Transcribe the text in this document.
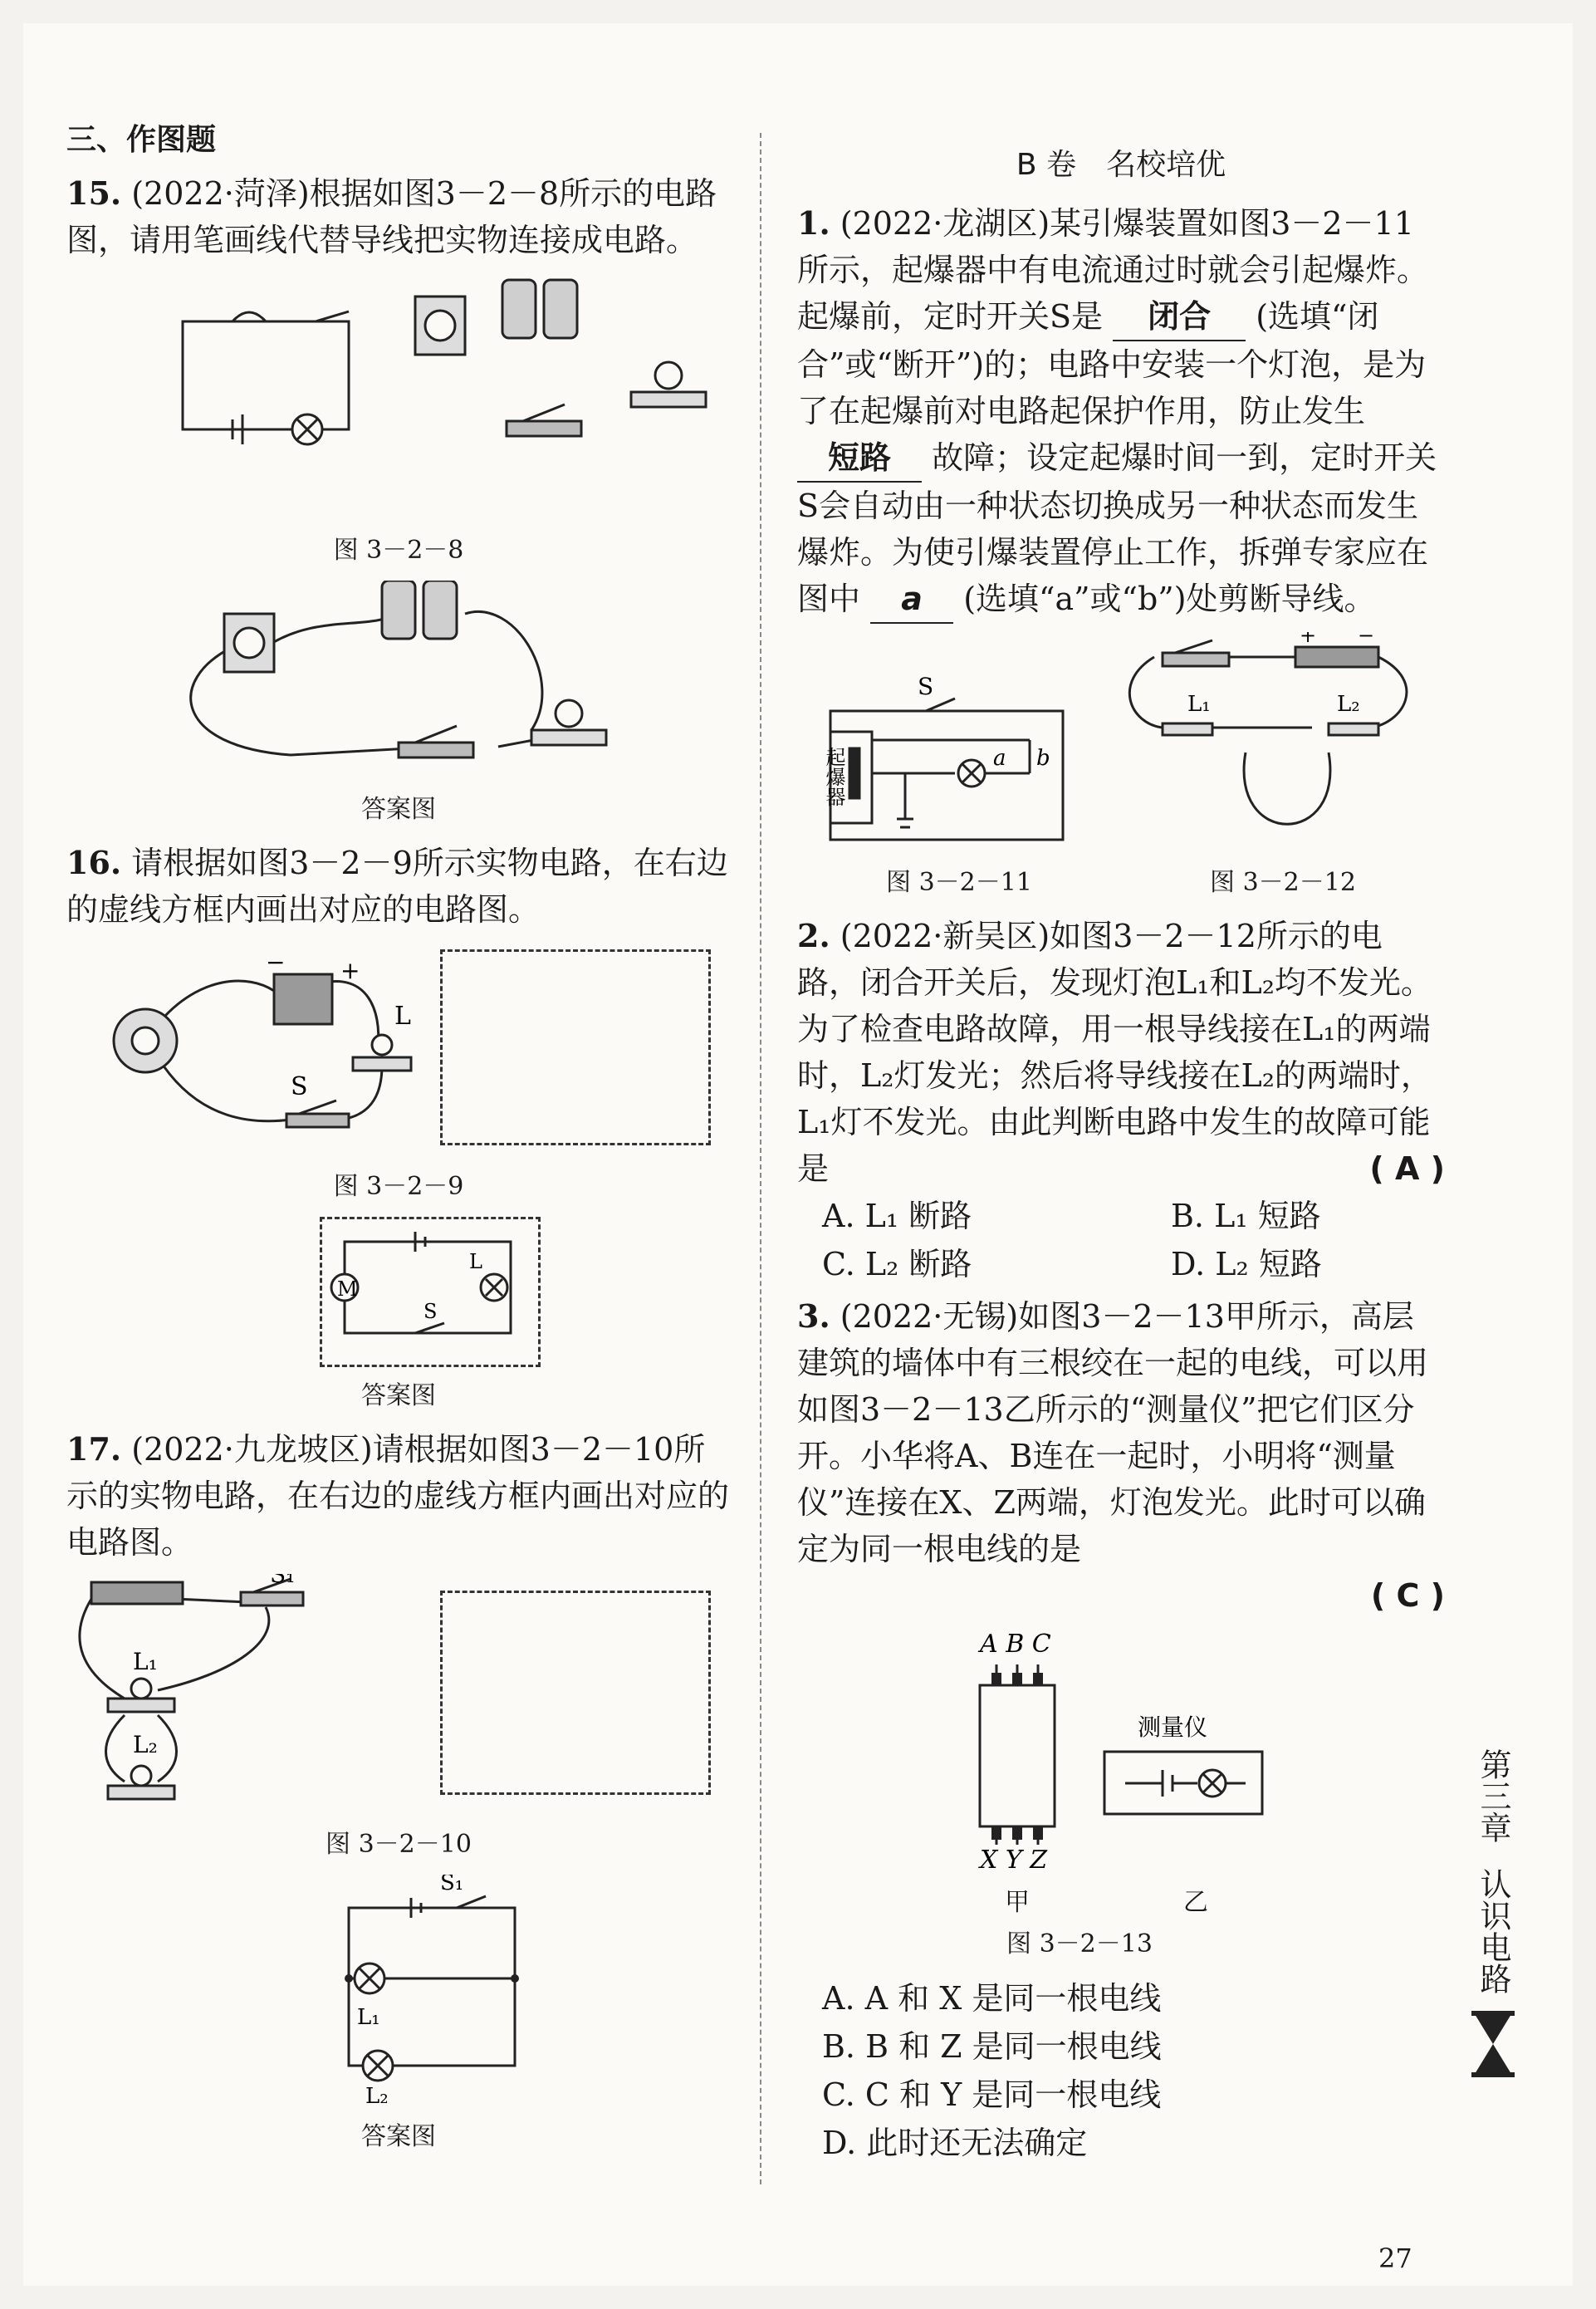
三、作图题

15. (2022·菏泽)根据如图3－2－8所示的电路图，请用笔画线代替导线把实物连接成电路。

图 3－2－8
答案图

16. 请根据如图3－2－9所示实物电路，在右边的虚线方框内画出对应的电路图。

− +
L
S
图 3－2－9
M
L
S
答案图

17. (2022·九龙坡区)请根据如图3－2－10所示的实物电路，在右边的虚线方框内画出对应的电路图。

S₁
L₁
L₂
图 3－2－10
S₁
L₁
L₂
答案图
B 卷　名校培优

1. (2022·龙湖区)某引爆装置如图3－2－11所示，起爆器中有电流通过时就会引起爆炸。起爆前，定时开关S是 闭合 (选填“闭合”或“断开”)的；电路中安装一个灯泡，是为了在起爆前对电路起保护作用，防止发生 短路 故障；设定起爆时间一到，定时开关S会自动由一种状态切换成另一种状态而发生爆炸。为使引爆装置停止工作，拆弹专家应在图中 a (选填“a”或“b”)处剪断导线。

S
a b
起爆器
+ −
L₁	L₂
图 3－2－11	图 3－2－12

2. (2022·新吴区)如图3－2－12所示的电路，闭合开关后，发现灯泡L₁和L₂均不发光。为了检查电路故障，用一根导线接在L₁的两端时，L₂灯发光；然后将导线接在L₂的两端时，L₁灯不发光。由此判断电路中发生的故障可能是	( A )

A. L₁ 断路	B. L₁ 短路
C. L₂ 断路	D. L₂ 短路

3. (2022·无锡)如图3－2－13甲所示，高层建筑的墙体中有三根绞在一起的电线，可以用如图3－2－13乙所示的“测量仪”把它们区分开。小华将A、B连在一起时，小明将“测量仪”连接在X、Z两端，灯泡发光。此时可以确定为同一根电线的是

( C )
A B C
X Y Z
测量仪
甲	乙
图 3－2－13
A. A 和 X 是同一根电线
B. B 和 Z 是同一根电线
C. C 和 Y 是同一根电线
D. 此时还无法确定
第三章
认识电路
27
